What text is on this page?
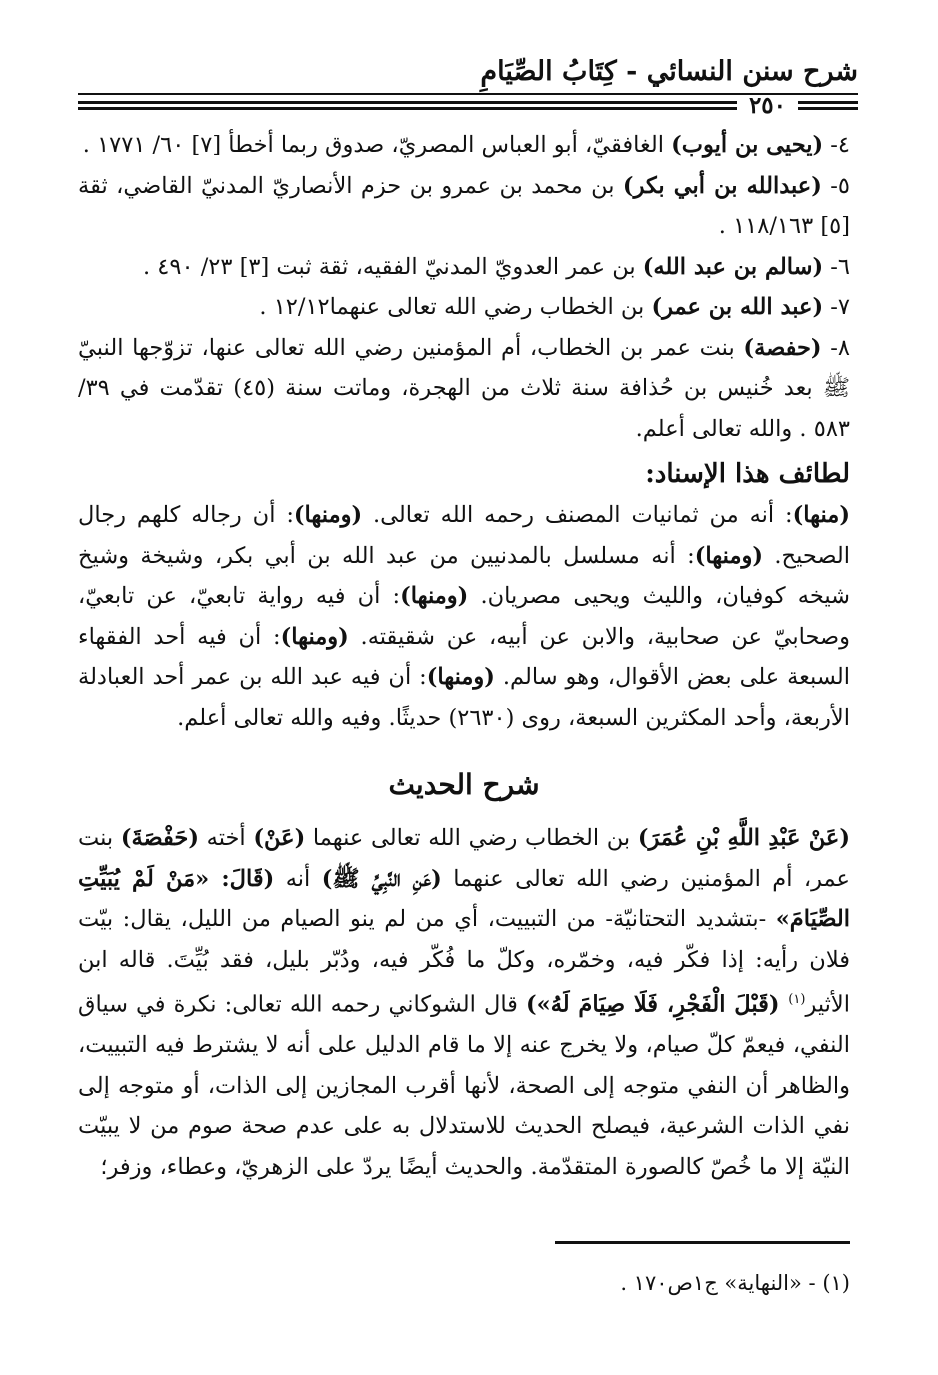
شرح سنن النسائي - كِتَابُ الصِّيَامِ
٢٥٠

٤- (يحيى بن أيوب) الغافقيّ، أبو العباس المصريّ، صدوق ربما أخطأ [٧] ٦٠/ ١٧٧١ .

٥- (عبدالله بن أبي بكر) بن محمد بن عمرو بن حزم الأنصاريّ المدنيّ القاضي، ثقة [٥] ١١٨/١٦٣ .

٦- (سالم بن عبد الله) بن عمر العدويّ المدنيّ الفقيه، ثقة ثبت [٣] ٢٣/ ٤٩٠ .

٧- (عبد الله بن عمر) بن الخطاب رضي الله تعالى عنهما١٢/١٢ .

٨- (حفصة) بنت عمر بن الخطاب، أم المؤمنين رضي الله تعالى عنها، تزوّجها النبيّ ﷺ بعد خُنيس بن حُذافة سنة ثلاث من الهجرة، وماتت سنة (٤٥) تقدّمت في ٣٩/ ٥٨٣ . والله تعالى أعلم.

لطائف هذا الإسناد:

(منها): أنه من ثمانيات المصنف رحمه الله تعالى. (ومنها): أن رجاله كلهم رجال الصحيح. (ومنها): أنه مسلسل بالمدنيين من عبد الله بن أبي بكر، وشيخة وشيخ شيخه كوفيان، والليث ويحيى مصريان. (ومنها): أن فيه رواية تابعيّ، عن تابعيّ، وصحابيّ عن صحابية، والابن عن أبيه، عن شقيقته. (ومنها): أن فيه أحد الفقهاء السبعة على بعض الأقوال، وهو سالم. (ومنها): أن فيه عبد الله بن عمر أحد العبادلة الأربعة، وأحد المكثرين السبعة، روى (٢٦٣٠) حديثًا. وفيه والله تعالى أعلم.

شرح الحديث

(عَنْ عَبْدِ اللَّهِ بْنِ عُمَرَ) بن الخطاب رضي الله تعالى عنهما (عَنْ) أخته (حَفْصَةَ) بنت عمر، أم المؤمنين رضي الله تعالى عنهما (عَنِ النَّبِيِّ ﷺ) أنه (قَالَ: «مَنْ لَمْ يُبَيِّتِ الصِّيَامَ» -بتشديد التحتانيّة- من التبييت، أي من لم ينو الصيام من الليل، يقال: بيّت فلان رأيه: إذا فكّر فيه، وخمّره، وكلّ ما فُكّر فيه، ودُبّر بليل، فقد بُيِّتَ. قاله ابن الأثير$^{(١)}$ (قَبْلَ الْفَجْرِ، فَلَا صِيَامَ لَهُ») قال الشوكاني رحمه الله تعالى: نكرة في سياق النفي، فيعمّ كلّ صيام، ولا يخرج عنه إلا ما قام الدليل على أنه لا يشترط فيه التبييت، والظاهر أن النفي متوجه إلى الصحة، لأنها أقرب المجازين إلى الذات، أو متوجه إلى نفي الذات الشرعية، فيصلح الحديث للاستدلال به على عدم صحة صوم من لا يبيّت النيّة إلا ما خُصّ كالصورة المتقدّمة. والحديث أيضًا يردّ على الزهريّ، وعطاء، وزفر؛

(١) - «النهاية» ج١ص١٧٠ .
